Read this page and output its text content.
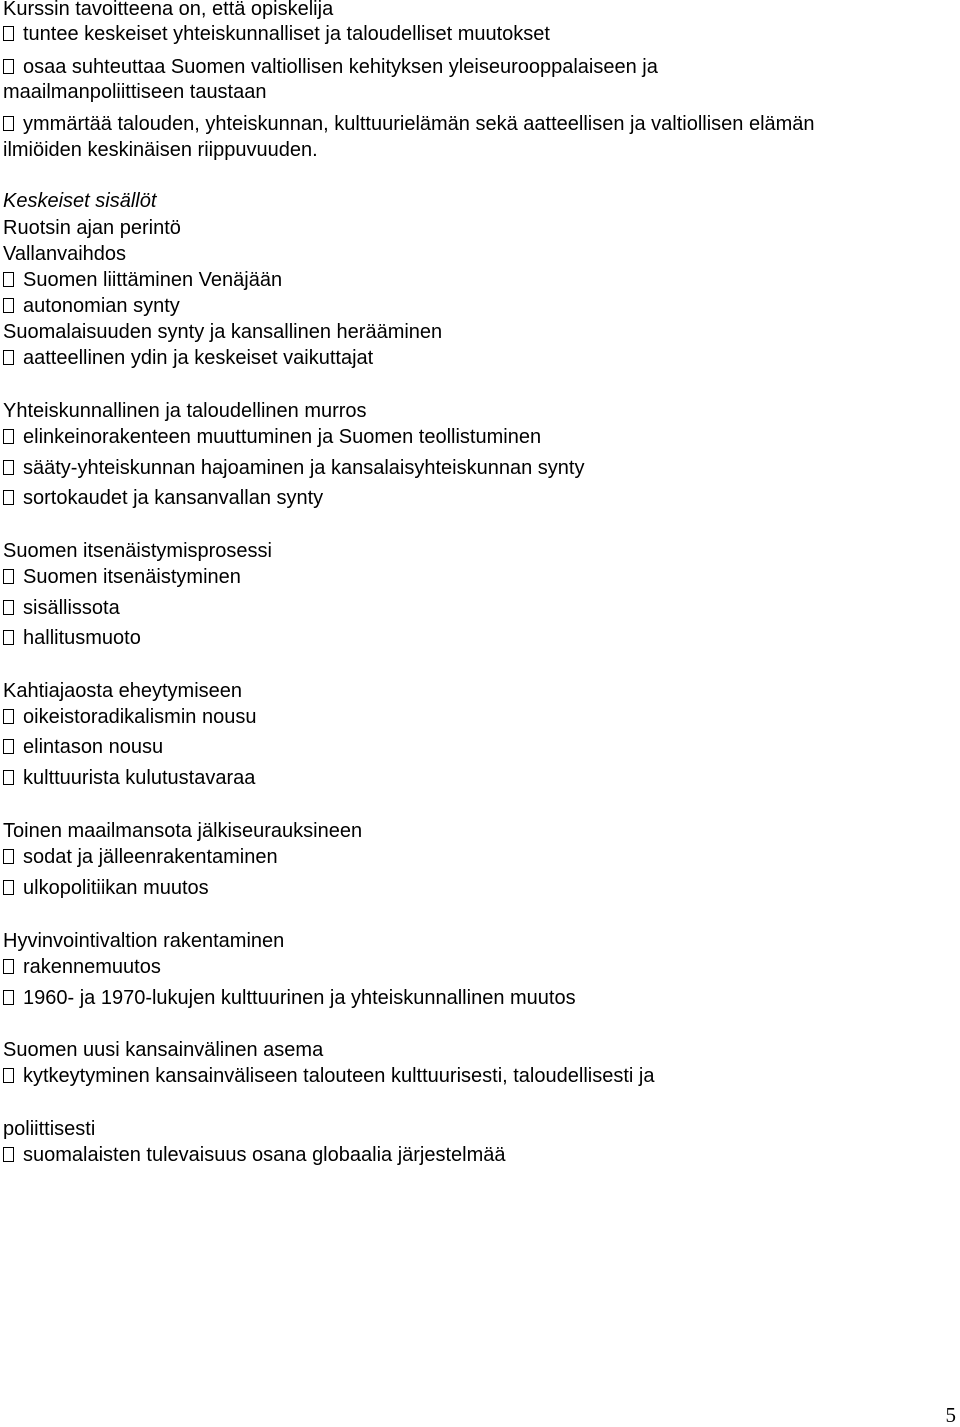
Kurssin tavoitteena on, että opiskelija
tuntee keskeiset yhteiskunnalliset ja taloudelliset muutokset
osaa suhteuttaa Suomen valtiollisen kehityksen yleiseurooppalaiseen ja
maailmanpoliittiseen taustaan
ymmärtää talouden, yhteiskunnan, kulttuurielämän sekä aatteellisen ja valtiollisen elämän
ilmiöiden keskinäisen riippuvuuden.
Keskeiset sisällöt
Ruotsin ajan perintö
Vallanvaihdos
Suomen liittäminen Venäjään
autonomian synty
Suomalaisuuden synty ja kansallinen herääminen
aatteellinen ydin ja keskeiset vaikuttajat
Yhteiskunnallinen ja taloudellinen murros
elinkeinorakenteen muuttuminen ja Suomen teollistuminen
sääty-yhteiskunnan hajoaminen ja kansalaisyhteiskunnan synty
sortokaudet ja kansanvallan synty
Suomen itsenäistymisprosessi
Suomen itsenäistyminen
sisällissota
hallitusmuoto
Kahtiajaosta eheytymiseen
oikeistoradikalismin nousu
elintason nousu
kulttuurista kulutustavaraa
Toinen maailmansota jälkiseurauksineen
sodat ja jälleenrakentaminen
ulkopolitiikan muutos
Hyvinvointivaltion rakentaminen
rakennemuutos
1960- ja 1970-lukujen kulttuurinen ja yhteiskunnallinen muutos
Suomen uusi kansainvälinen asema
kytkeytyminen kansainväliseen talouteen kulttuurisesti, taloudellisesti ja
poliittisesti
suomalaisten tulevaisuus osana globaalia järjestelmää
5
